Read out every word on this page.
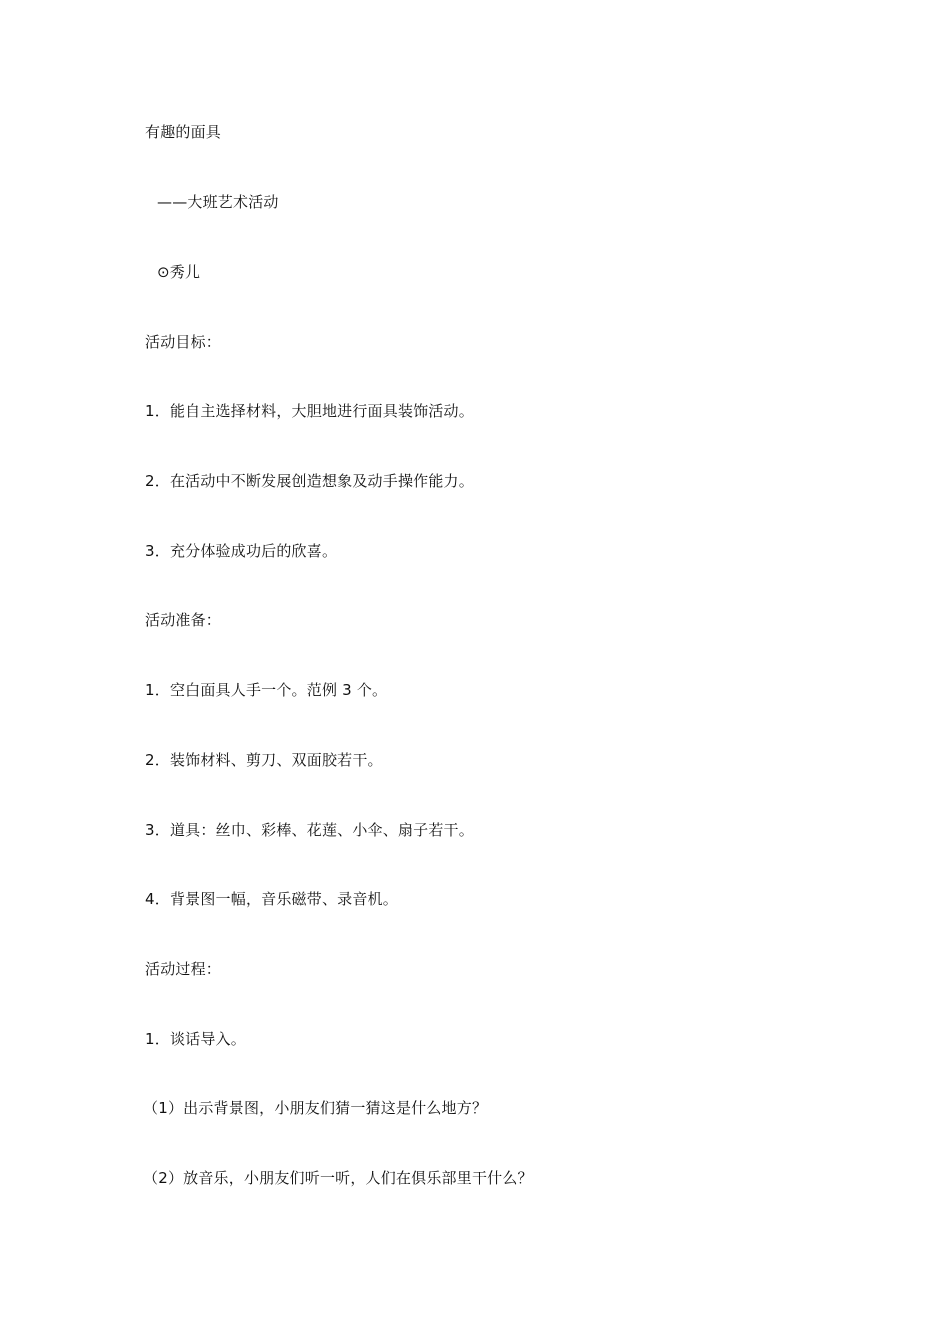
有趣的面具
——大班艺术活动
⊙秀儿
活动目标：
1．能自主选择材料，大胆地进行面具装饰活动。
2．在活动中不断发展创造想象及动手操作能力。
3．充分体验成功后的欣喜。
活动准备：
1．空白面具人手一个。范例 3 个。
2．装饰材料、剪刀、双面胶若干。
3．道具：丝巾、彩棒、花莲、小伞、扇子若干。
4．背景图一幅，音乐磁带、录音机。
活动过程：
1．谈话导入。
（1）出示背景图，小朋友们猜一猜这是什么地方？
（2）放音乐，小朋友们听一听，人们在俱乐部里干什么？
